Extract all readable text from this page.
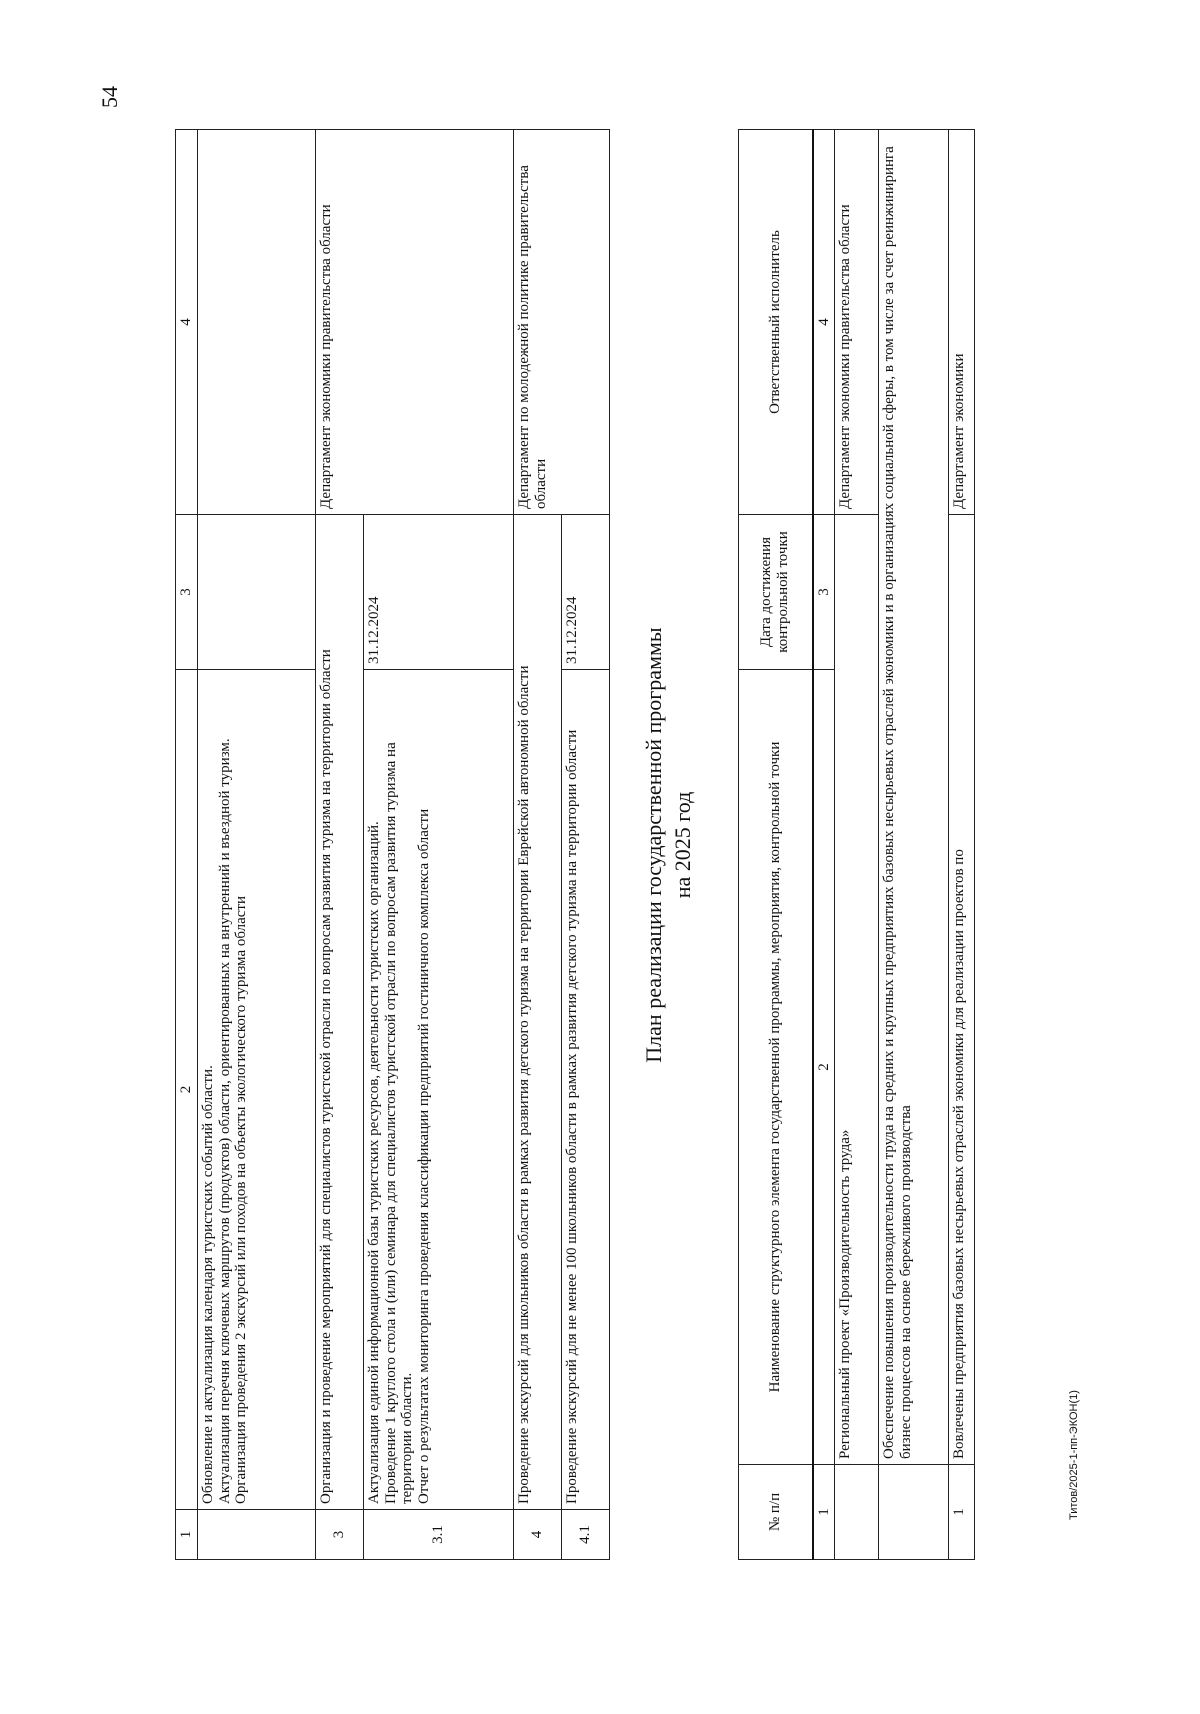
54
Титов/2025-1-пп-ЭКОН(1)
1	2	3	4

	Обновление и актуализация календаря туристских событий области. Актуализация перечня ключевых маршрутов (продуктов) области, ориентированных на внутренний и въездной туризм. Организация проведения 2 экскурсий или походов на объекты экологического туризма области		

3	Организация и проведение мероприятий для специалистов туристской отрасли по вопросам развития туризма на территории области		Департамент экономики правительства области
3.1	Актуализация единой информационной базы туристских ресурсов, деятельности туристских организаций. Проведение 1 круглого стола и (или) семинара для специалистов туристской отрасли по вопросам развития туризма на территории области. Отчет о результатах мониторинга проведения классификации предприятий гостиничного комплекса области	31.12.2024	
4	Проведение экскурсий для школьников области в рамках развития детского туризма на территории Еврейской автономной области		Департамент по молодежной политике правительства области
4.1	Проведение экскурсий для не менее 100 школьников области в рамках развития детского туризма на территории области	31.12.2024		План реализации государственной программы на 2025 год
№ п/п	Наименование структурного элемента государственной программы, мероприятия, контрольной точки	Дата достижения контрольной точки	Ответственный исполнитель
1	2	3	4
	Региональный проект «Производительность труда»		Департамент экономики правительства области
	Обеспечение повышения производительности труда на средних и крупных предприятиях базовых несырьевых отраслей экономики и в организациях социальной сферы, в том числе за счет реинжиниринга бизнес процессов на основе бережливого производства		
1	Вовлечены предприятия базовых несырьевых отраслей экономики для реализации проектов по		Департамент экономики
